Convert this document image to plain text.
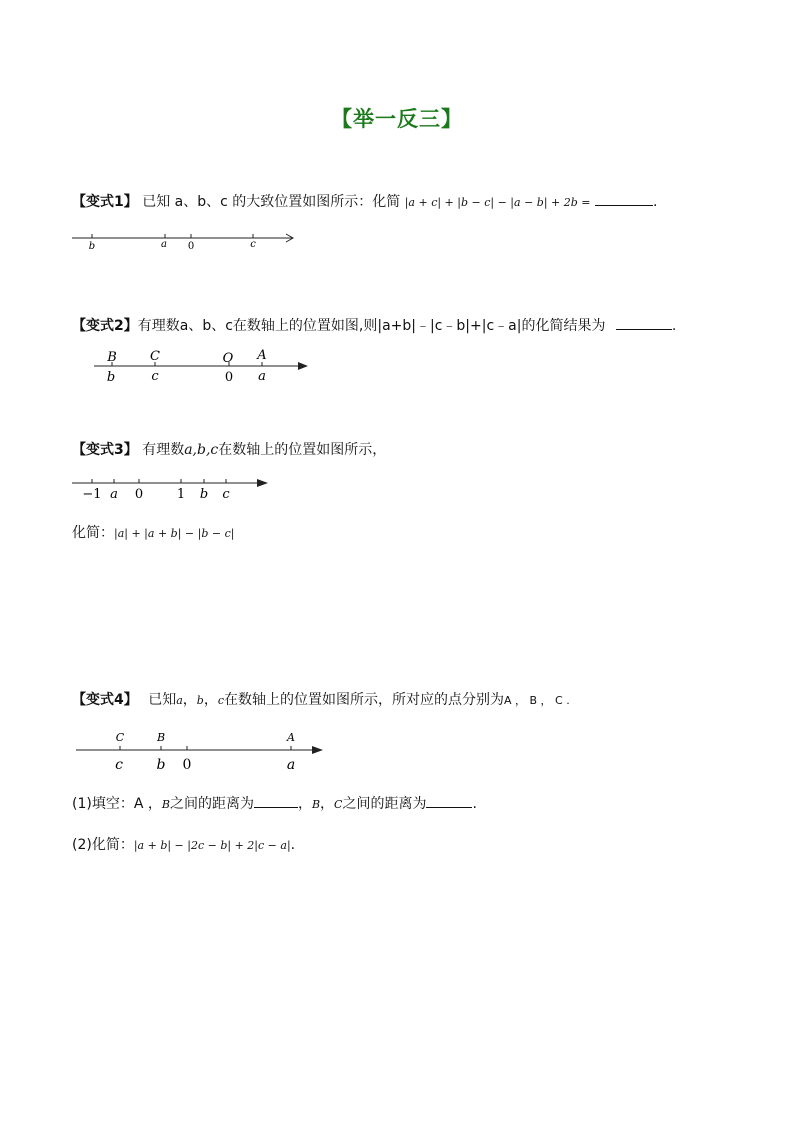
【举一反三】
【变式1】 已知 a、b、c 的大致位置如图所示：化简 |a + c| + |b − c| − |a − b| + 2b =	.
b	a 0	c
【变式2】有理数a、b、c在数轴上的位置如图,则|a+b|﹣|c﹣b|+|c﹣a|的化简结果为	.
B	C	O A
b	c	0 a
【变式3】 有理数a,b,c在数轴上的位置如图所示，
−1 a 0	1 b c
化简：|a| + |a + b| − |b − c|
【变式4】 已知a，b，c在数轴上的位置如图所示，所对应的点分别为A ， B ， C .
C	B	A
c b 0	a
(1)填空：A ，B之间的距离为	，B，C之间的距离为	.
(2)化简：|a + b| − |2c − b| + 2|c − a|.
